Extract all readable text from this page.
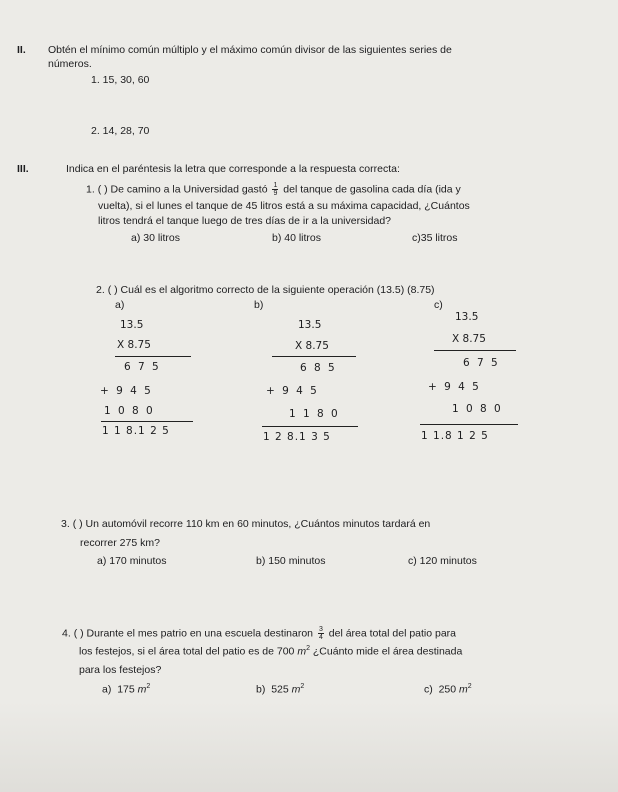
II. Obtén el mínimo común múltiplo y el máximo común divisor de las siguientes series de
números.
1. 15, 30, 60
2. 14, 28, 70
III.	Indica en el paréntesis la letra que corresponde a la respuesta correcta:
1. ( ) De camino a la Universidad gastó $\frac{1}{9}$ del tanque de gasolina cada día (ida y
vuelta), si el lunes el tanque de 45 litros está a su máxima capacidad, ¿Cuántos
litros tendrá el tanque luego de tres días de ir a la universidad?
a) 30 litros	b) 40 litros	c)35 litros
2. ( ) Cuál es el algoritmo correcto de la siguiente operación (13.5) (8.75)
a)
13.5
X 8.75
6 7 5
+ 9 4 5
1 0 8 0
1 1 8.1 2 5
b)
13.5
X 8.75
6 8 5
+ 9 4 5
1 1 8 0
1 2 8.1 3 5
c)
13.5
X 8.75
6 7 5
+ 9 4 5
1 0 8 0
1 1.8 1 2 5
3. ( ) Un automóvil recorre 110 km en 60 minutos, ¿Cuántos minutos tardará en
recorrer 275 km?
a) 170 minutos	b) 150 minutos	c) 120 minutos
4. ( ) Durante el mes patrio en una escuela destinaron $\frac{3}{4}$ del área total del patio para
los festejos, si el área total del patio es de 700 $m^2$ ¿Cuánto mide el área destinada
para los festejos?
a) 175 $m^2$	b) 525 $m^2$	c) 250 $m^2$
